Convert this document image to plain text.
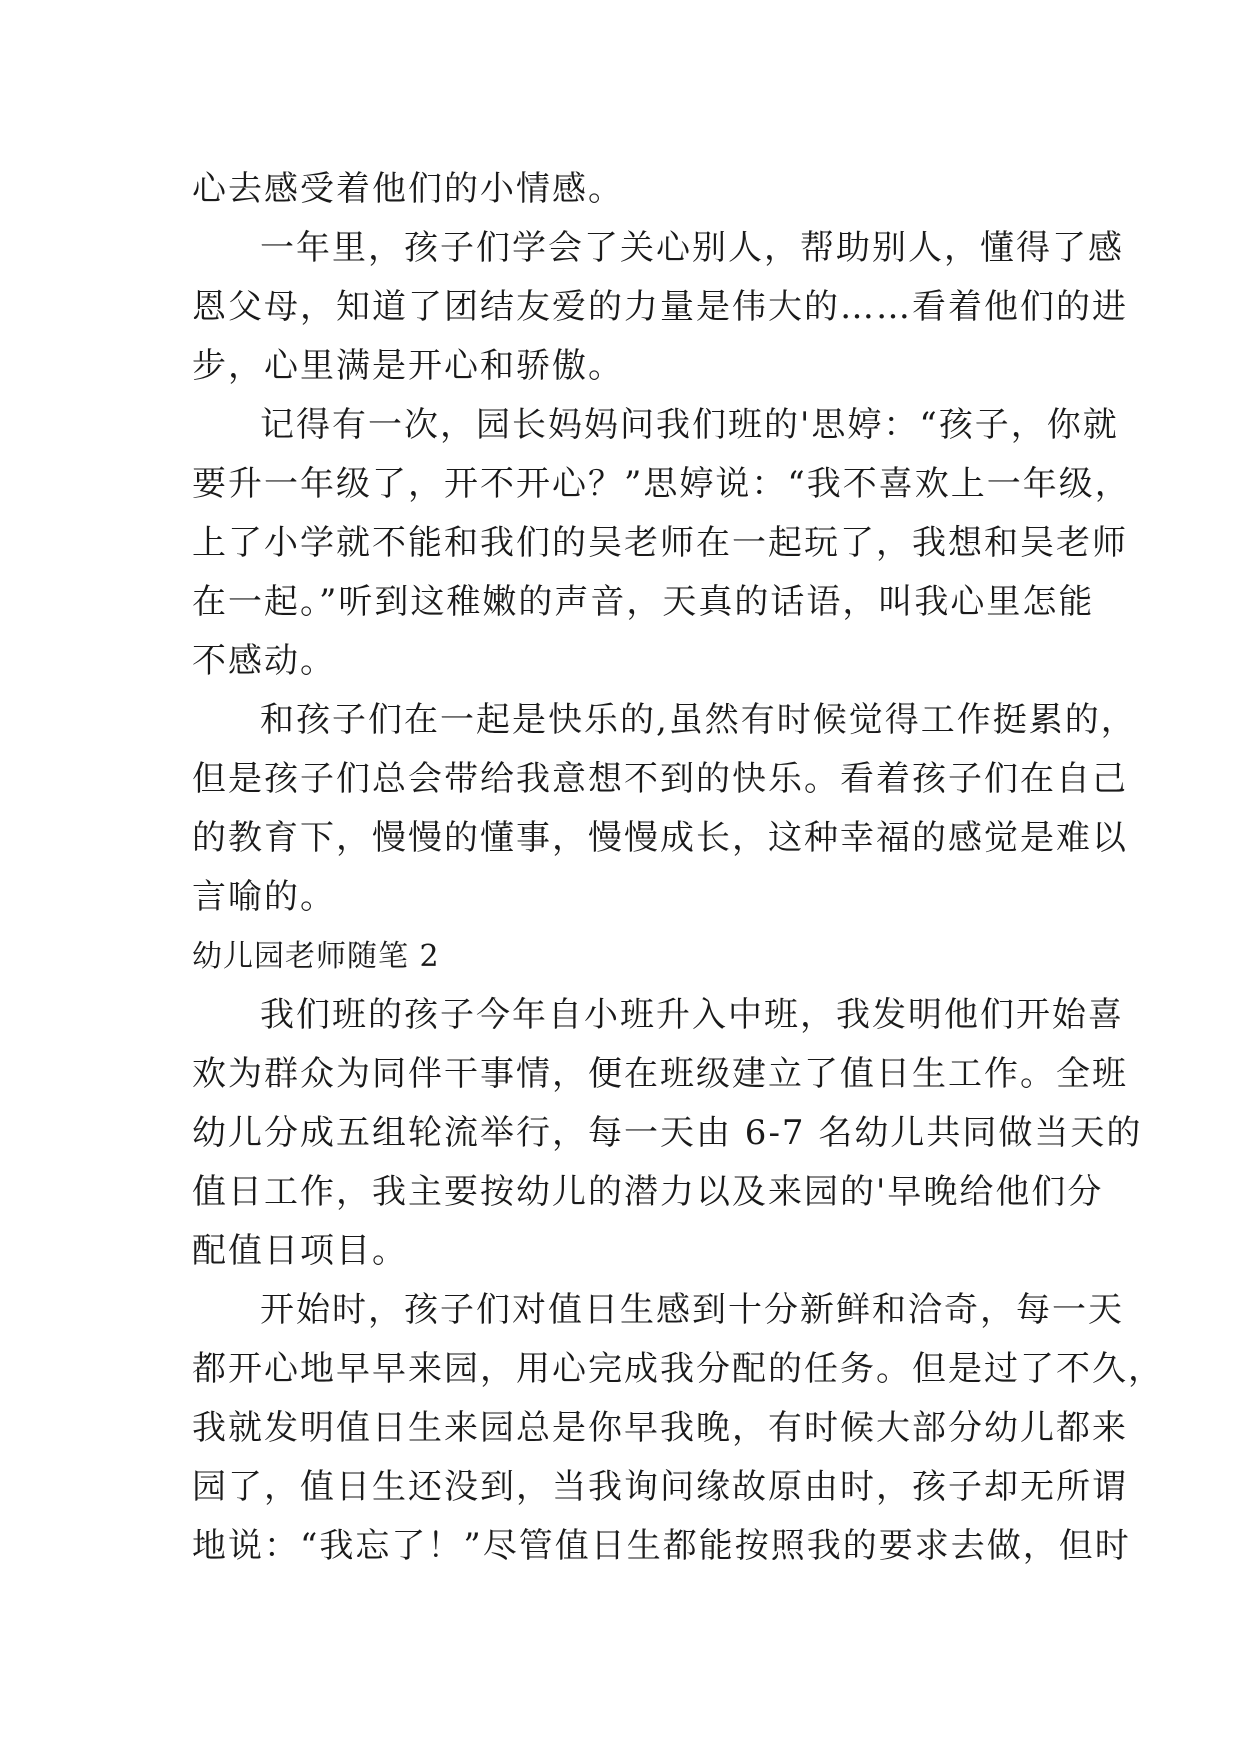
心去感受着他们的小情感。
一年里，孩子们学会了关心别人，帮助别人，懂得了感
恩父母，知道了团结友爱的力量是伟大的……看着他们的进
步，心里满是开心和骄傲。
记得有一次，园长妈妈问我们班的'思婷：“孩子，你就
要升一年级了，开不开心？”思婷说：“我不喜欢上一年级，
上了小学就不能和我们的吴老师在一起玩了，我想和吴老师
在一起。”听到这稚嫩的声音，天真的话语，叫我心里怎能
不感动。
和孩子们在一起是快乐的,虽然有时候觉得工作挺累的，
但是孩子们总会带给我意想不到的快乐。看着孩子们在自己
的教育下，慢慢的懂事，慢慢成长，这种幸福的感觉是难以
言喻的。
幼儿园老师随笔 2
我们班的孩子今年自小班升入中班，我发明他们开始喜
欢为群众为同伴干事情，便在班级建立了值日生工作。全班
幼儿分成五组轮流举行，每一天由 6-7 名幼儿共同做当天的
值日工作，我主要按幼儿的潜力以及来园的'早晚给他们分
配值日项目。
开始时，孩子们对值日生感到十分新鲜和洽奇，每一天
都开心地早早来园，用心完成我分配的任务。但是过了不久，
我就发明值日生来园总是你早我晚，有时候大部分幼儿都来
园了，值日生还没到，当我询问缘故原由时，孩子却无所谓
地说：“我忘了！”尽管值日生都能按照我的要求去做，但时
